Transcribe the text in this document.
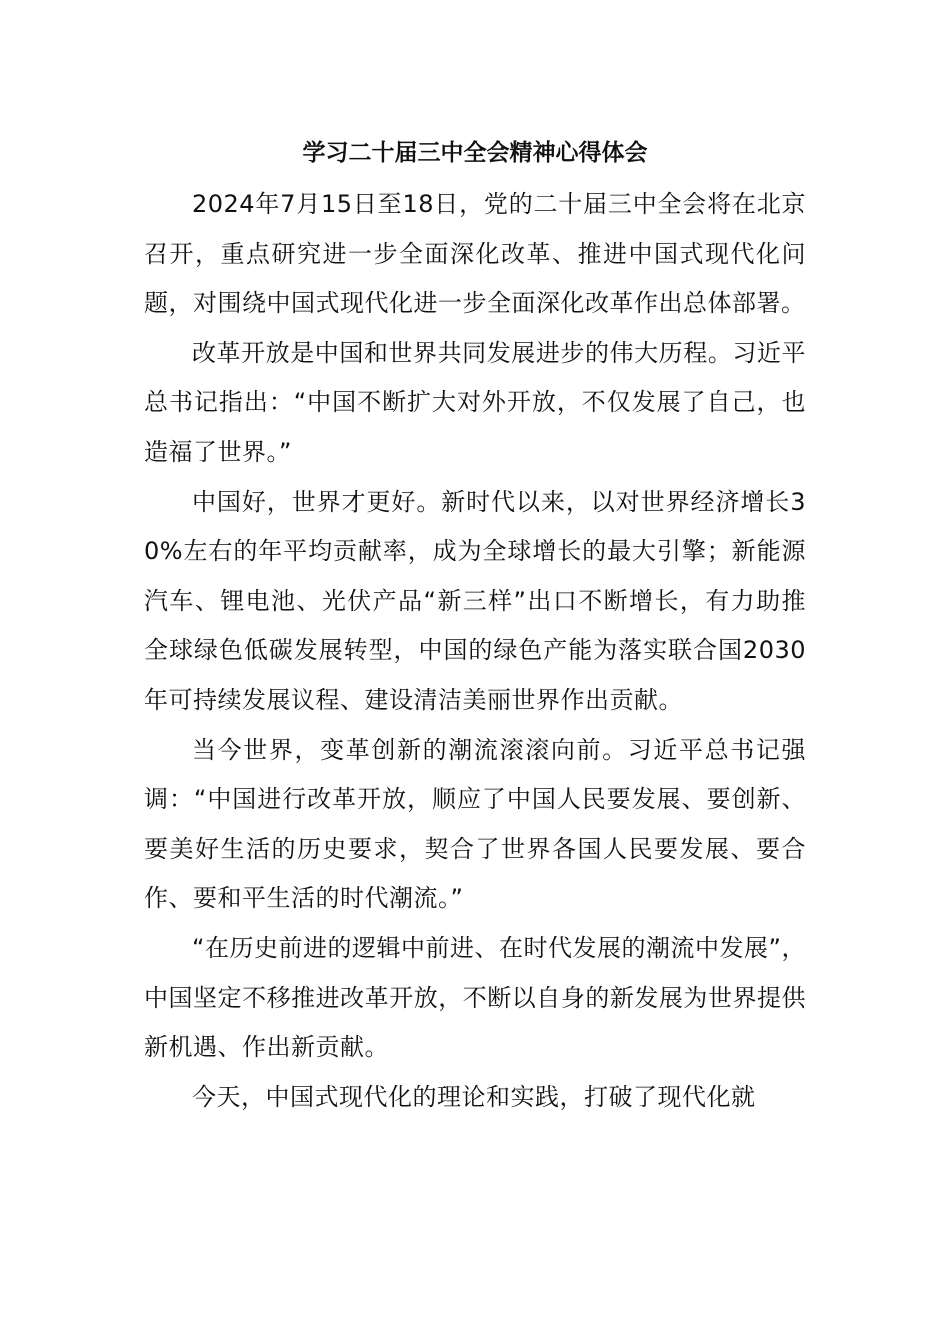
学习二十届三中全会精神心得体会

2024年7月15日至18日，党的二十届三中全会将在北京召开，重点研究进一步全面深化改革、推进中国式现代化问题，对围绕中国式现代化进一步全面深化改革作出总体部署。

改革开放是中国和世界共同发展进步的伟大历程。习近平总书记指出：“中国不断扩大对外开放，不仅发展了自己，也造福了世界。”

中国好，世界才更好。新时代以来，以对世界经济增长30%左右的年平均贡献率，成为全球增长的最大引擎；新能源汽车、锂电池、光伏产品“新三样”出口不断增长，有力助推全球绿色低碳发展转型，中国的绿色产能为落实联合国2030年可持续发展议程、建设清洁美丽世界作出贡献。

当今世界，变革创新的潮流滚滚向前。习近平总书记强调：“中国进行改革开放，顺应了中国人民要发展、要创新、要美好生活的历史要求，契合了世界各国人民要发展、要合作、要和平生活的时代潮流。”

“在历史前进的逻辑中前进、在时代发展的潮流中发展”，中国坚定不移推进改革开放，不断以自身的新发展为世界提供新机遇、作出新贡献。

今天，中国式现代化的理论和实践，打破了现代化就
